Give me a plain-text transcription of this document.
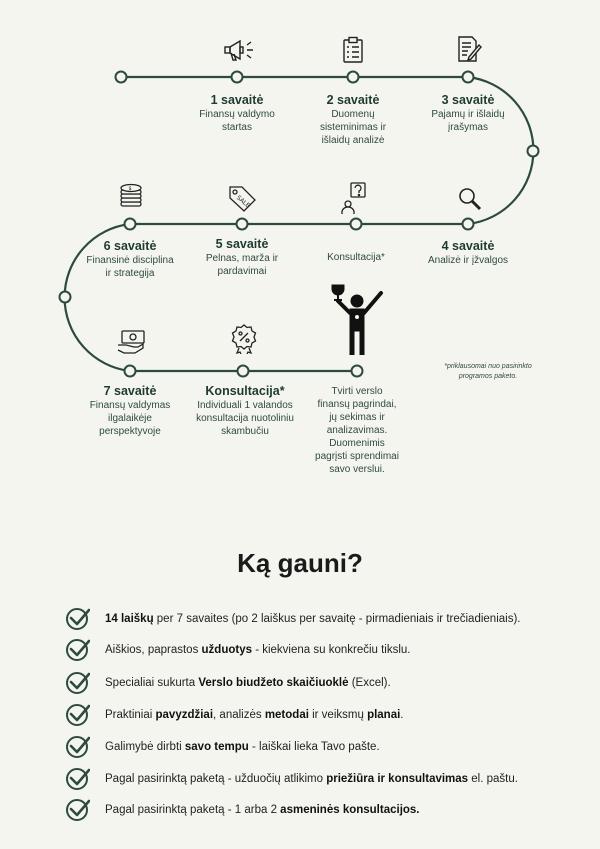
SALE
$
1 savaitė
Finansų valdymo startas
2 savaitė
Duomenų sisteminimas ir išlaidų analizė
3 savaitė
Pajamų ir išlaidų įrašymas
4 savaitė
Analizė ir įžvalgos
Konsultacija*
5 savaitė
Pelnas, marža ir pardavimai
6 savaitė
Finansinė disciplina ir strategija
7 savaitė
Finansų valdymas ilgalaikėje perspektyvoje
Konsultacija*
Individuali 1 valandos konsultacija nuotoliniu skambučiu
Tvirti verslo finansų pagrindai, jų sekimas ir analizavimas. Duomenimis pagrįsti sprendimai savo verslui.
*priklausomai nuo pasirinkto programos paketo.
Ką gauni?
14 laiškų per 7 savaites (po 2 laiškus per savaitę - pirmadieniais ir trečiadieniais).
Aiškios, paprastos užduotys - kiekviena su konkrečiu tikslu.
Specialiai sukurta Verslo biudžeto skaičiuoklė (Excel).
Praktiniai pavyzdžiai, analizės metodai ir veiksmų planai.
Galimybė dirbti savo tempu - laiškai lieka Tavo pašte.
Pagal pasirinktą paketą - užduočių atlikimo priežiūra ir konsultavimas el. paštu.
Pagal pasirinktą paketą - 1 arba 2 asmeninės konsultacijos.
